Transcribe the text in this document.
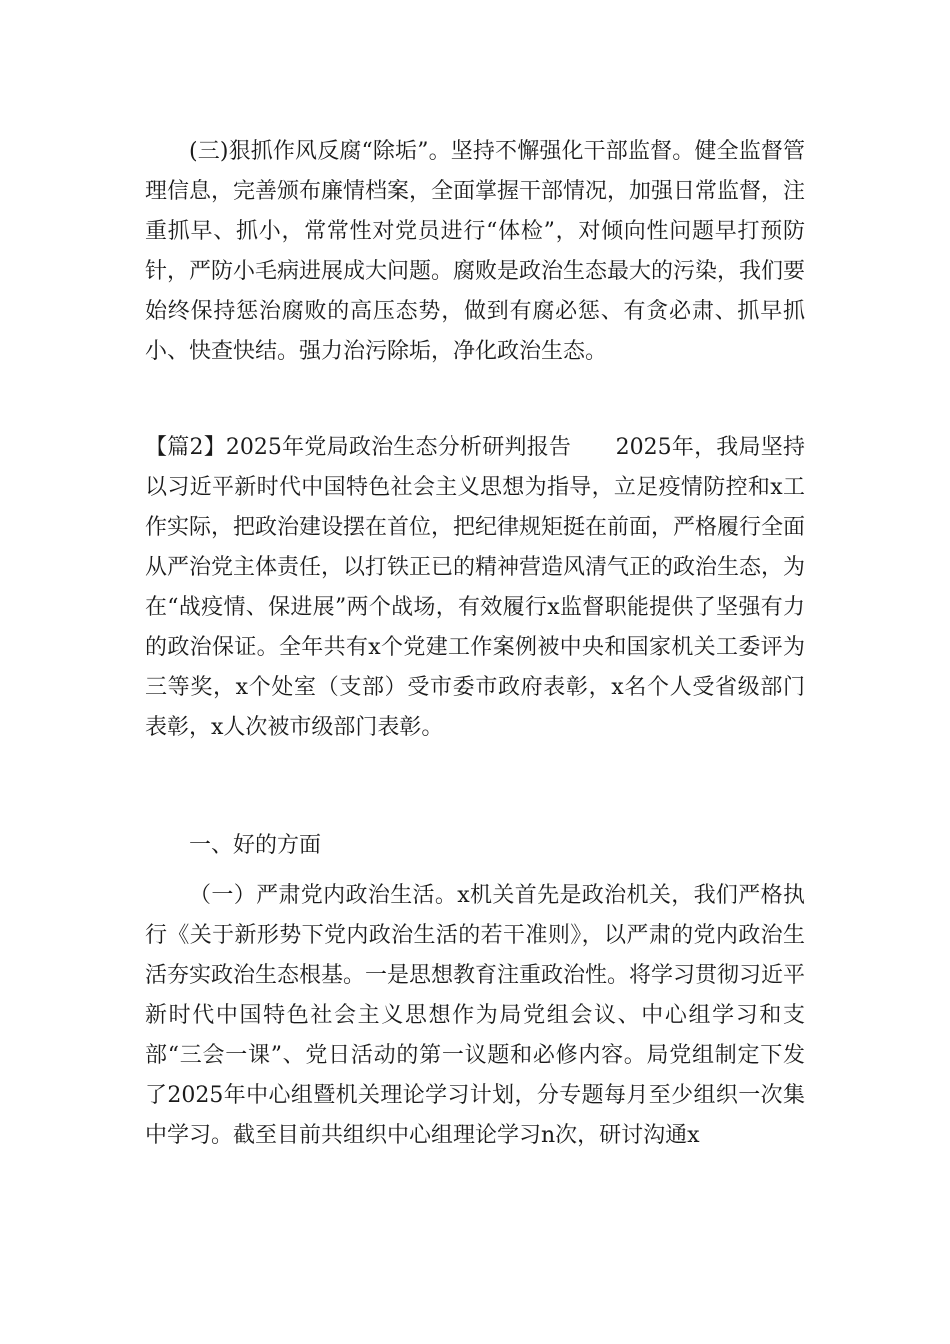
(三)狠抓作风反腐“除垢”。坚持不懈强化干部监督。健全监督管理信息，完善颁布廉情档案，全面掌握干部情况，加强日常监督，注重抓早、抓小，常常性对党员进行“体检”，对倾向性问题早打预防针，严防小毛病进展成大问题。腐败是政治生态最大的污染，我们要始终保持惩治腐败的高压态势，做到有腐必惩、有贪必肃、抓早抓小、快查快结。强力治污除垢，净化政治生态。

【篇2】2025年党局政治生态分析研判报告　　2025年，我局坚持以习近平新时代中国特色社会主义思想为指导，立足疫情防控和x工作实际，把政治建设摆在首位，把纪律规矩挺在前面，严格履行全面从严治党主体责任，以打铁正已的精神营造风清气正的政治生态，为在“战疫情、保进展”两个战场，有效履行x监督职能提供了坚强有力的政治保证。全年共有x个党建工作案例被中央和国家机关工委评为三等奖，x个处室（支部）受市委市政府表彰，x名个人受省级部门表彰，x人次被市级部门表彰。

一、好的方面

（一）严肃党内政治生活。x机关首先是政治机关，我们严格执行《关于新形势下党内政治生活的若干准则》，以严肃的党内政治生活夯实政治生态根基。一是思想教育注重政治性。将学习贯彻习近平新时代中国特色社会主义思想作为局党组会议、中心组学习和支部“三会一课”、党日活动的第一议题和必修内容。局党组制定下发了2025年中心组暨机关理论学习计划，分专题每月至少组织一次集中学习。截至目前共组织中心组理论学习n次，研讨沟通x
